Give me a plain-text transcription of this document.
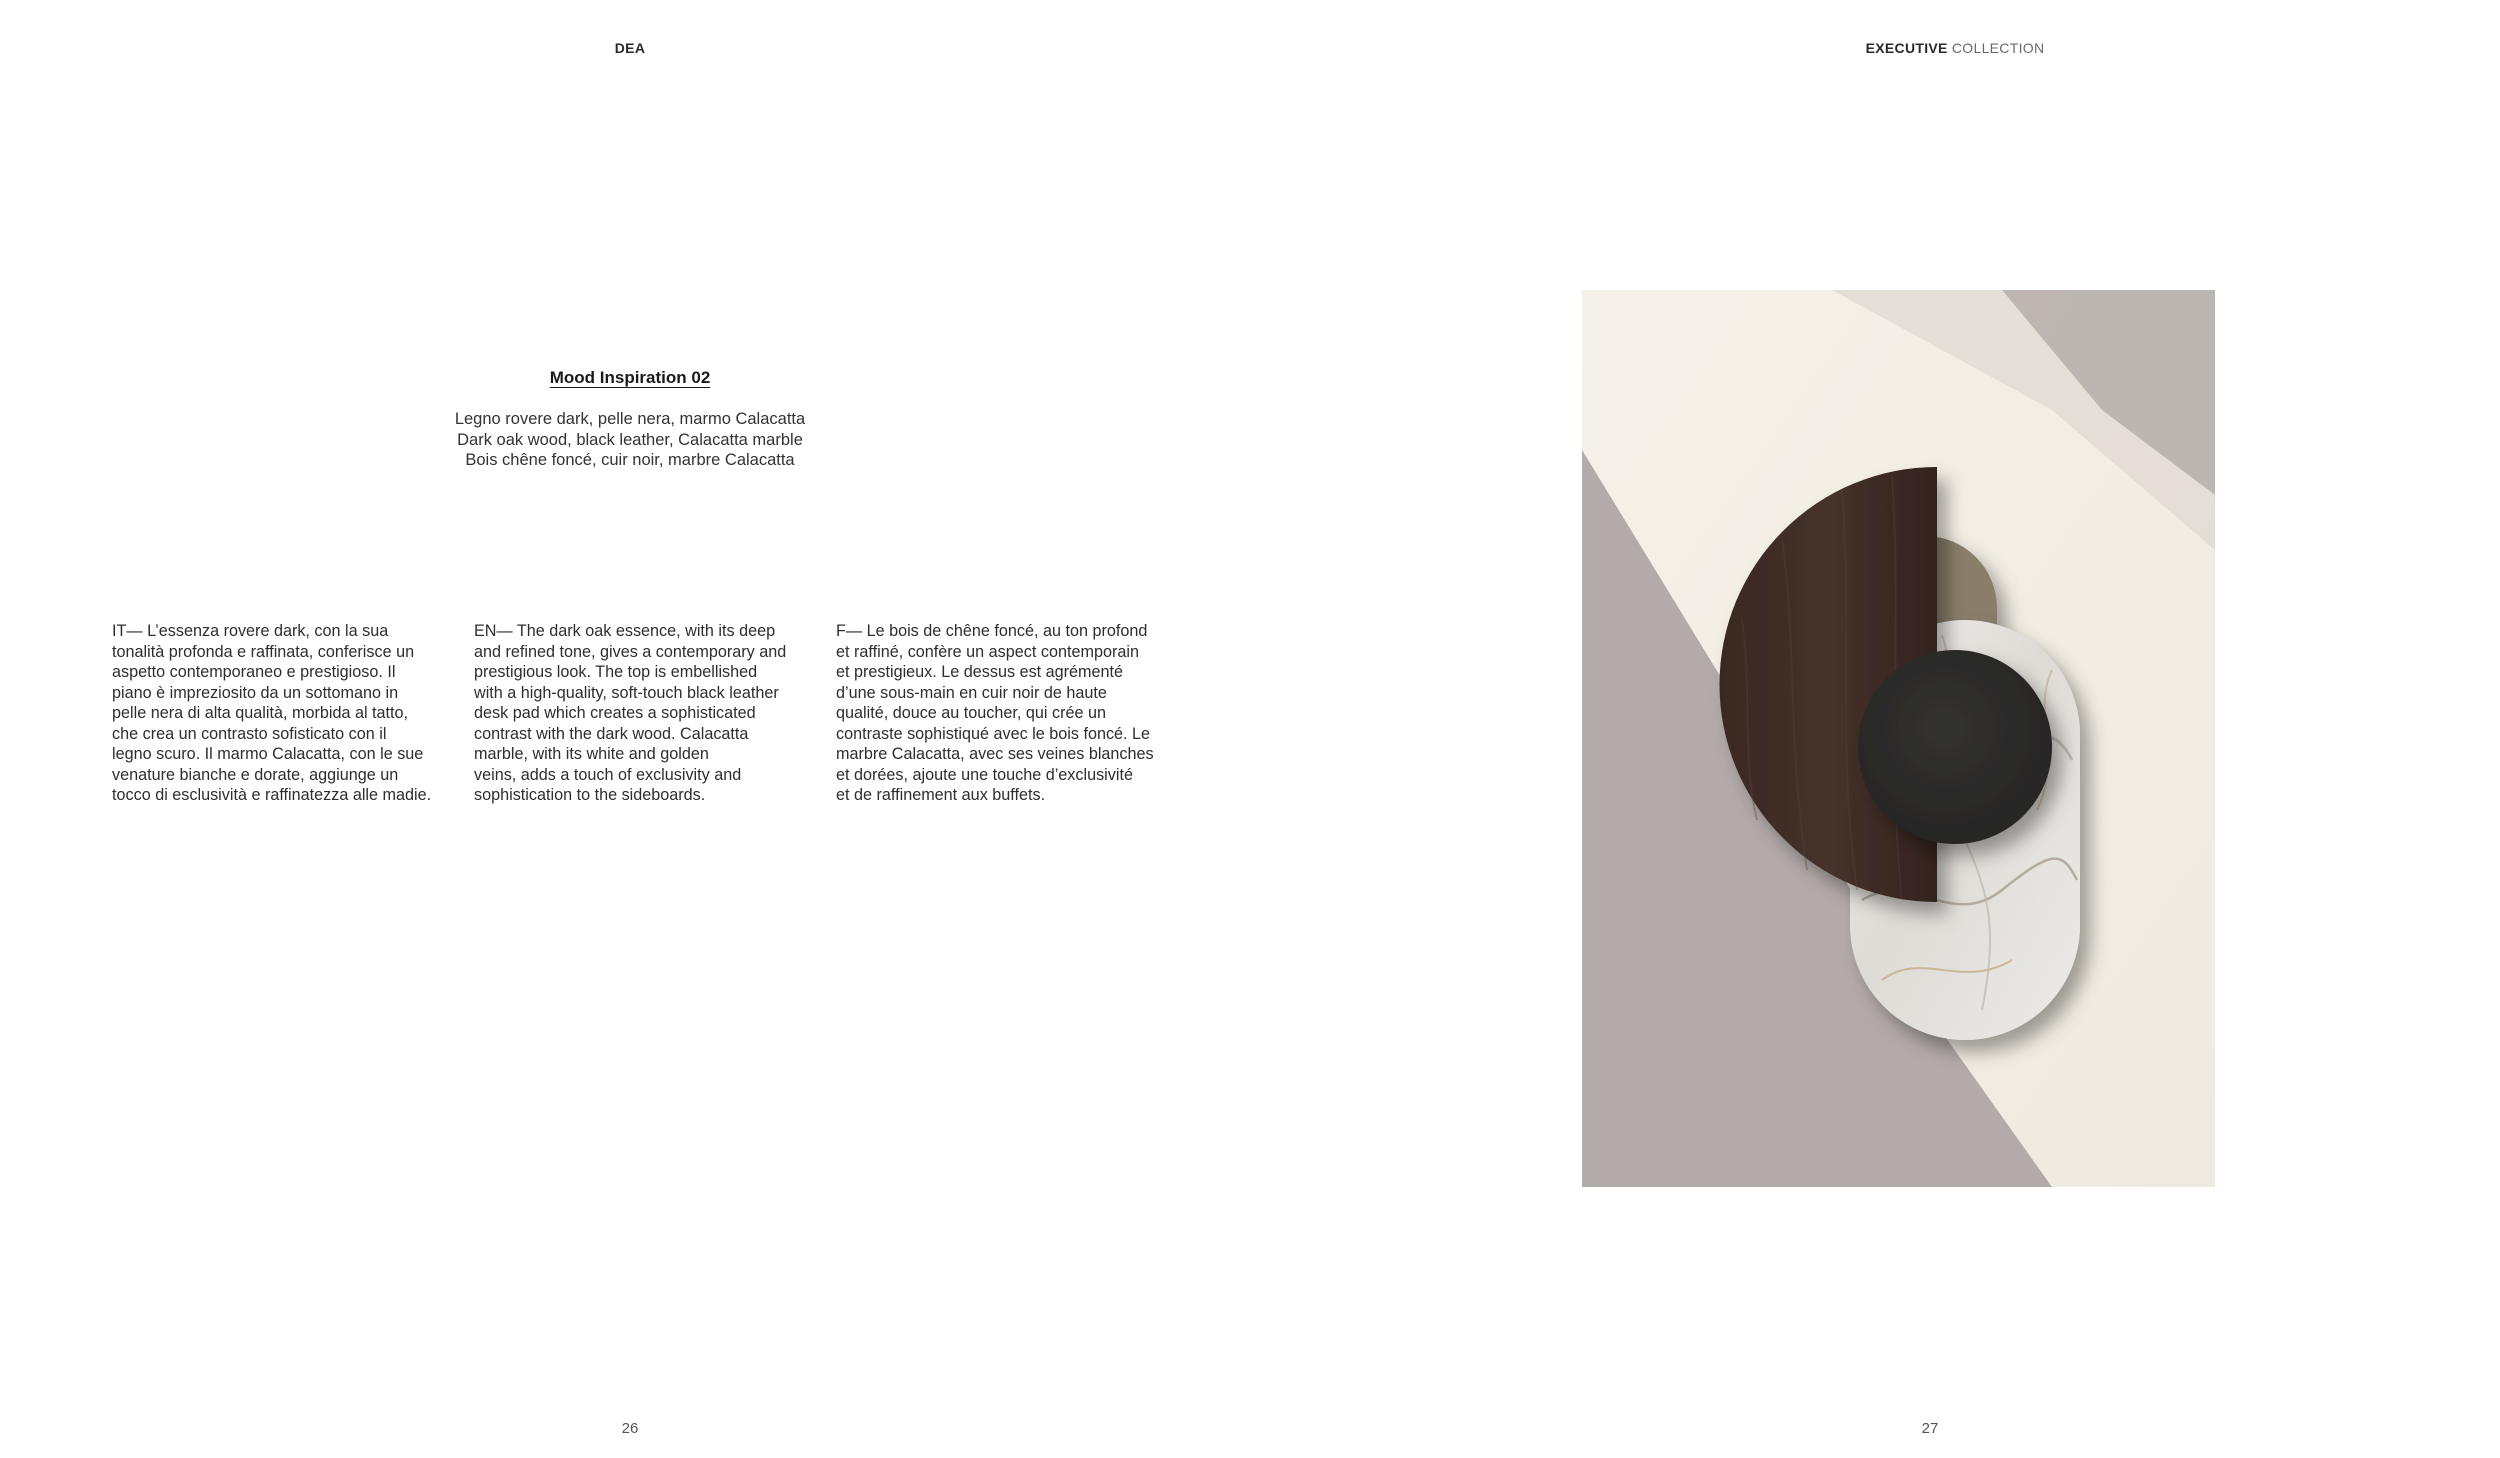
DEA
Mood Inspiration 02
Legno rovere dark, pelle nera, marmo Calacatta
Dark oak wood, black leather, Calacatta marble
Bois chêne foncé, cuir noir, marbre Calacatta
IT— L’essenza rovere dark, con la sua
tonalità profonda e raffinata, conferisce un
aspetto contemporaneo e prestigioso. Il
piano è impreziosito da un sottomano in
pelle nera di alta qualità, morbida al tatto,
che crea un contrasto sofisticato con il
legno scuro. Il marmo Calacatta, con le sue
venature bianche e dorate, aggiunge un
tocco di esclusività e raffinatezza alle madie.
EN— The dark oak essence, with its deep
and refined tone, gives a contemporary and
prestigious look. The top is embellished
with a high-quality, soft-touch black leather
desk pad which creates a sophisticated
contrast with the dark wood. Calacatta
marble, with its white and golden
veins, adds a touch of exclusivity and
sophistication to the sideboards.
F— Le bois de chêne foncé, au ton profond
et raffiné, confère un aspect contemporain
et prestigieux. Le dessus est agrémenté
d’une sous-main en cuir noir de haute
qualité, douce au toucher, qui crée un
contraste sophistiqué avec le bois foncé. Le
marbre Calacatta, avec ses veines blanches
et dorées, ajoute une touche d’exclusivité
et de raffinement aux buffets.
26
EXECUTIVE COLLECTION
27
